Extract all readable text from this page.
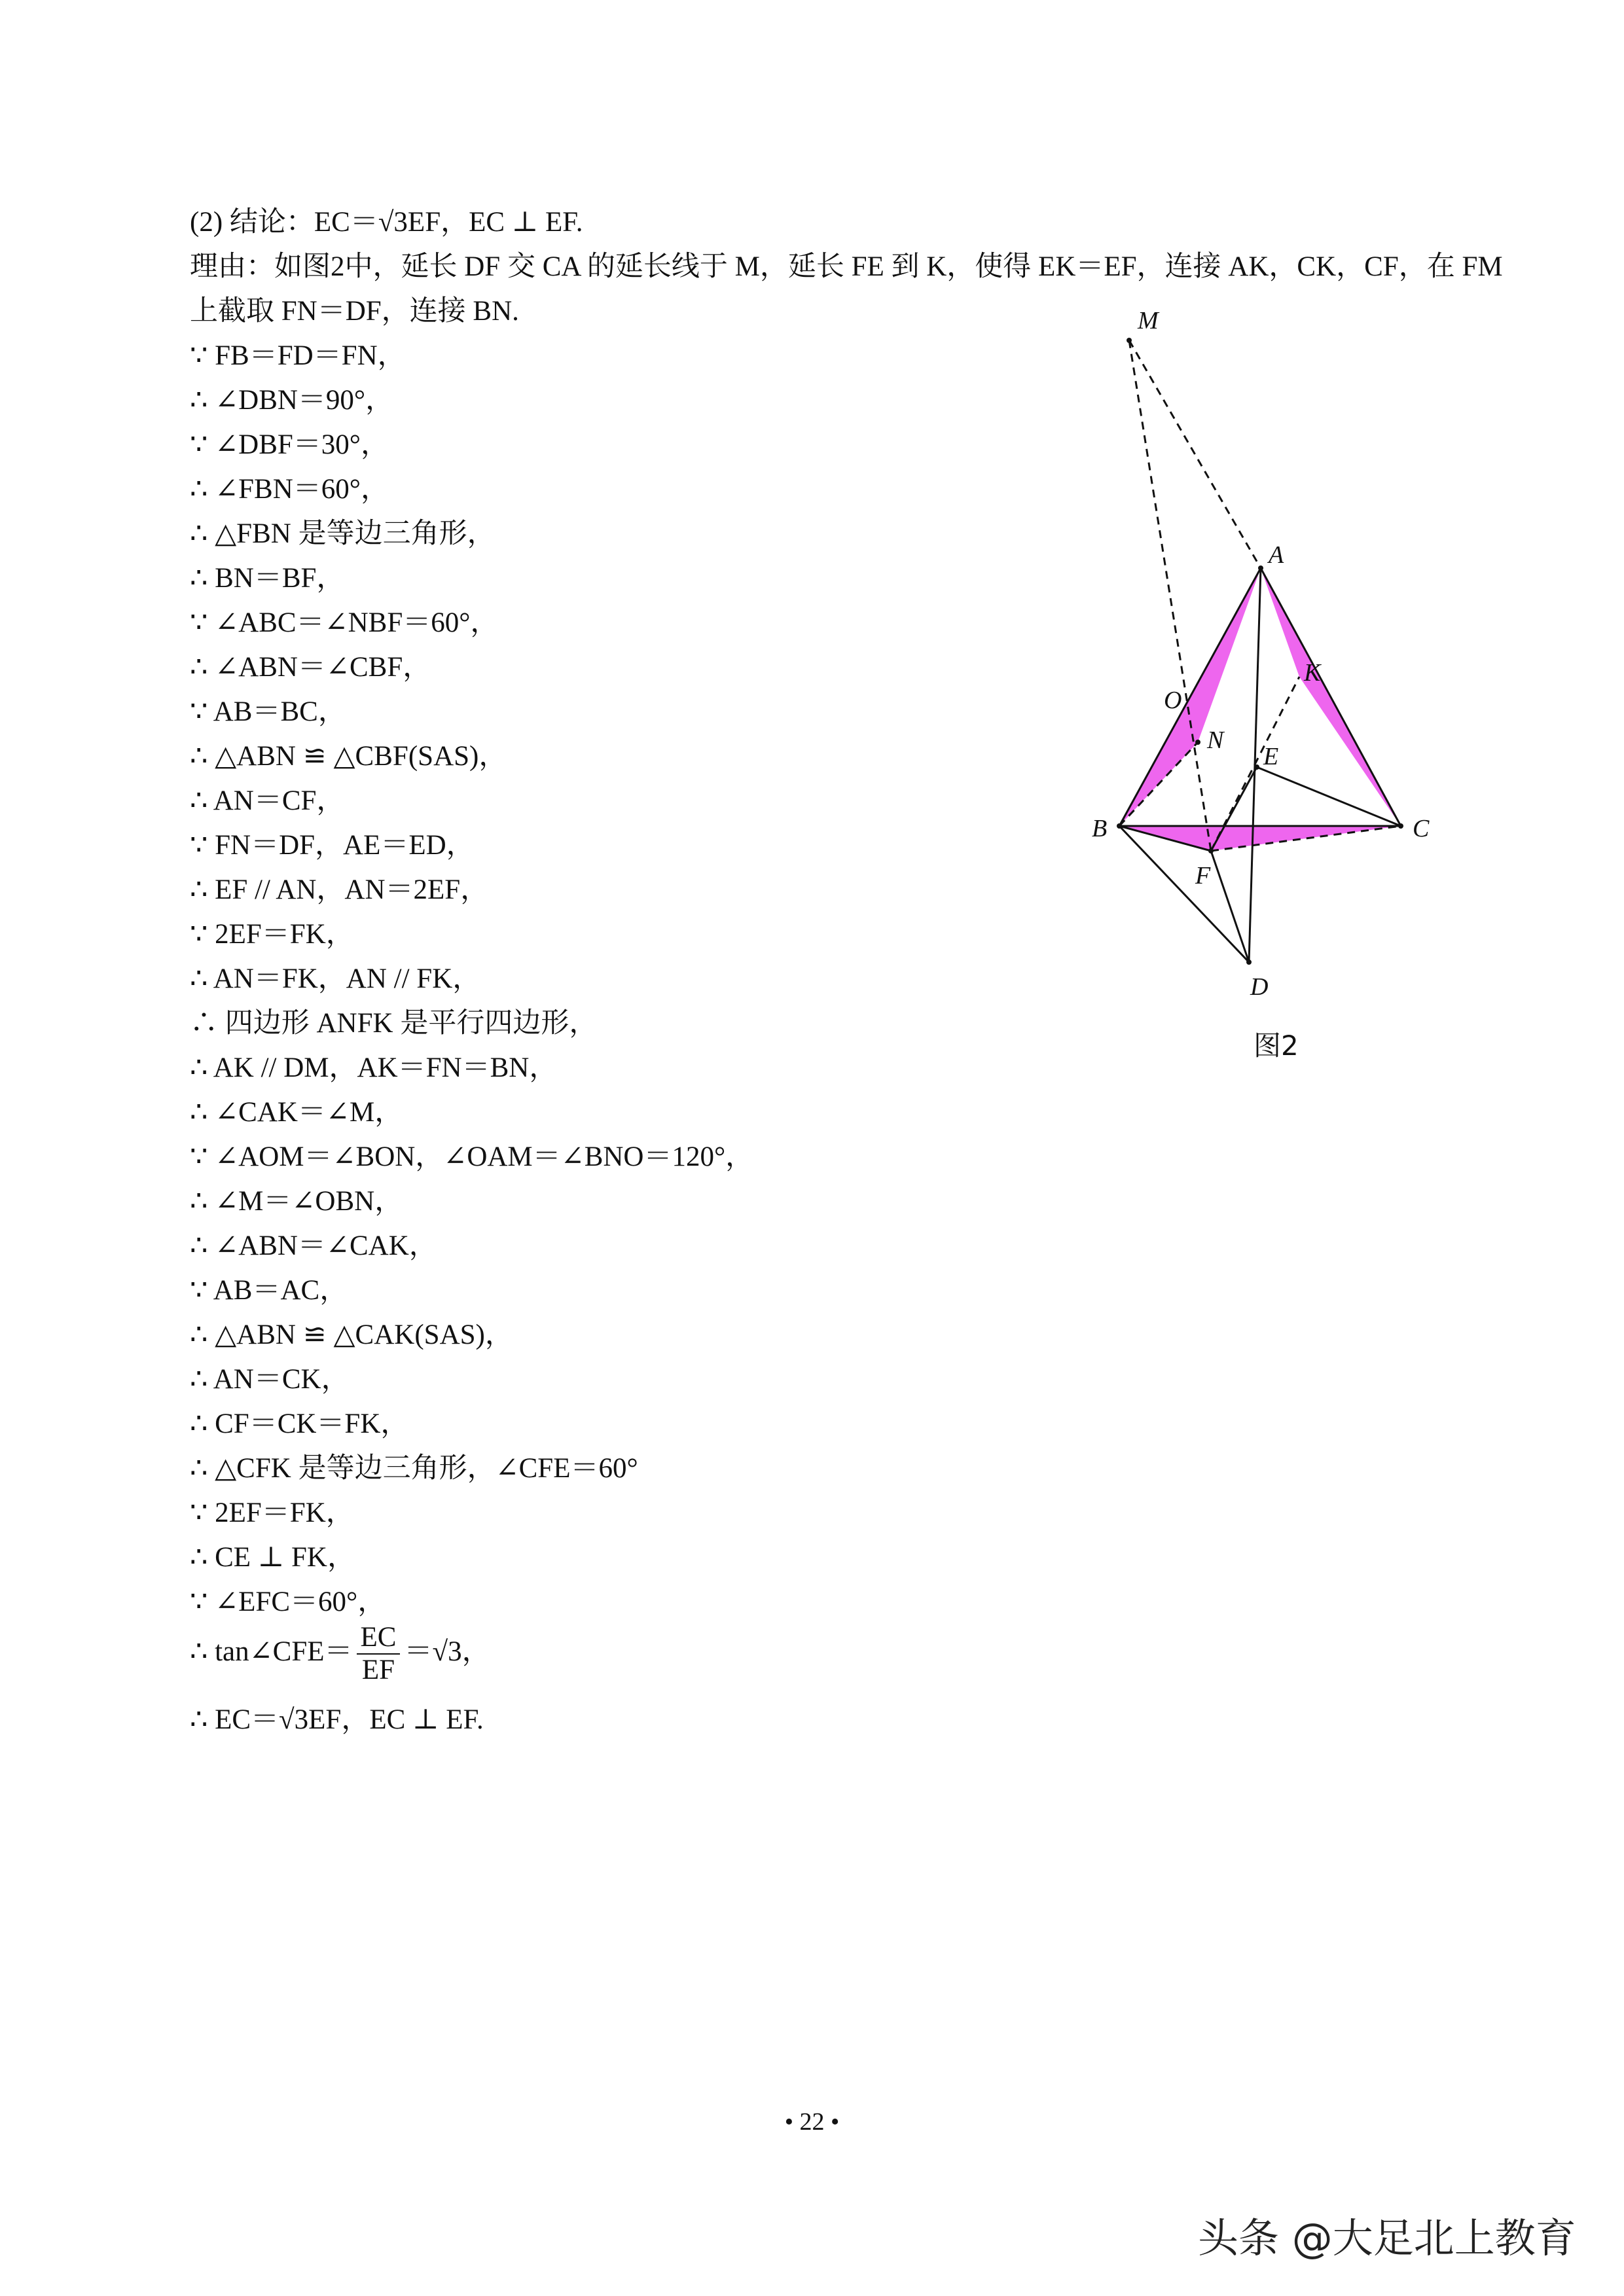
(2) 结论：EC＝√3EF，EC ⊥ EF.
理由：如图2中，延长 DF 交 CA 的延长线于 M，延长 FE 到 K，使得 EK＝EF，连接 AK，CK，CF，在 FM
上截取 FN＝DF，连接 BN.
∵ FB＝FD＝FN，
∴ ∠DBN＝90°，
∵ ∠DBF＝30°，
∴ ∠FBN＝60°，
∴ △FBN 是等边三角形，
∴ BN＝BF，
∵ ∠ABC＝∠NBF＝60°，
∴ ∠ABN＝∠CBF，
∵ AB＝BC，
∴ △ABN ≌ △CBF(SAS)，
∴ AN＝CF，
∵ FN＝DF，AE＝ED，
∴ EF // AN，AN＝2EF，
∵ 2EF＝FK，
∴ AN＝FK，AN // FK，
∴ 四边形 ANFK 是平行四边形，
∴ AK // DM，AK＝FN＝BN，
∴ ∠CAK＝∠M，
∵ ∠AOM＝∠BON，∠OAM＝∠BNO＝120°，
∴ ∠M＝∠OBN，
∴ ∠ABN＝∠CAK，
∵ AB＝AC，
∴ △ABN ≌ △CAK(SAS)，
∴ AN＝CK，
∴ CF＝CK＝FK，
∴ △CFK 是等边三角形，∠CFE＝60°
∵ 2EF＝FK，
∴ CE ⊥ FK，
∵ ∠EFC＝60°，
∴ tan∠CFE＝ $\frac{EC}{EF} =√3$，
∴ EC＝√3EF，EC ⊥ EF.
M
A
O
K
N
E
B	C
F
D
图2
• 22 •
头条 @大足北上教育
